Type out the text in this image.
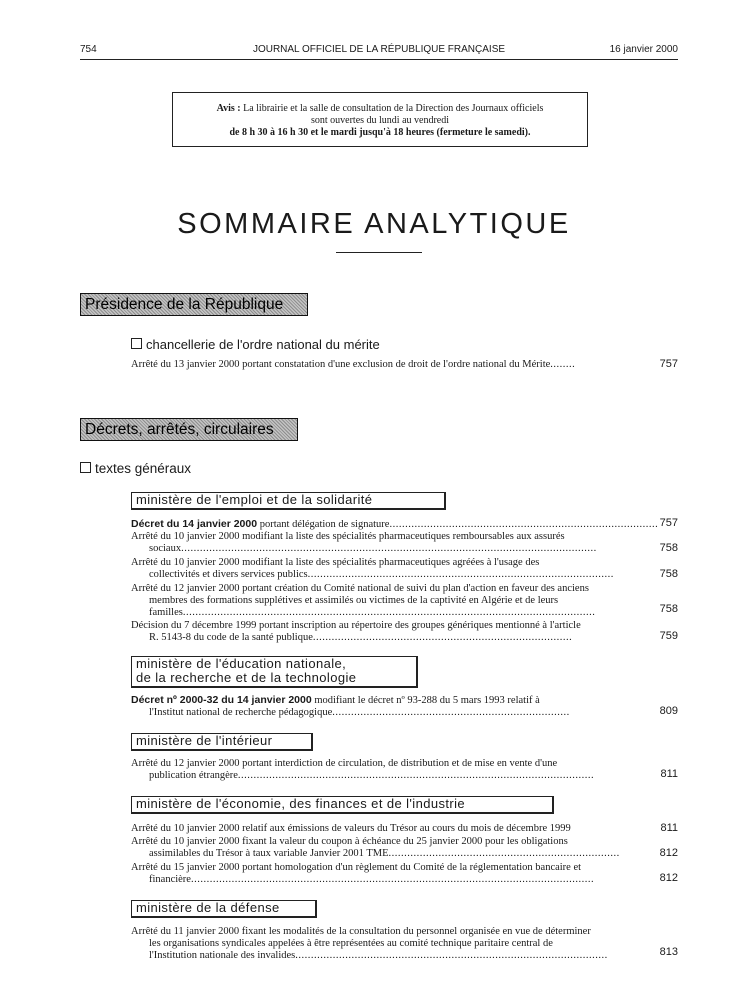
754	JOURNAL OFFICIEL DE LA RÉPUBLIQUE FRANÇAISE	16 janvier 2000
Avis : La librairie et la salle de consultation de la Direction des Journaux officiels
sont ouvertes du lundi au vendredi
de 8 h 30 à 16 h 30 et le mardi jusqu'à 18 heures (fermeture le samedi).
SOMMAIRE ANALYTIQUE
Présidence de la République
chancellerie de l'ordre national du mérite
Arrêté du 13 janvier 2000 portant constatation d'une exclusion de droit de l'ordre national du Mérite........	757
Décrets, arrêtés, circulaires
textes généraux
ministère de l'emploi et de la solidarité
Décret du 14 janvier 2000 portant délégation de signature...................................................................................... 757
Arrêté du 10 janvier 2000 modifiant la liste des spécialités pharmaceutiques remboursables aux assurés
sociaux.....................................................................................................................................	758
Arrêté du 10 janvier 2000 modifiant la liste des spécialités pharmaceutiques agréées à l'usage des
collectivités et divers services publics..................................................................................................	758
Arrêté du 12 janvier 2000 portant création du Comité national de suivi du plan d'action en faveur des anciens
membres des formations supplétives et assimilés ou victimes de la captivité en Algérie et de leurs
familles....................................................................................................................................	758
Décision du 7 décembre 1999 portant inscription au répertoire des groupes génériques mentionné à l'article
R. 5143-8 du code de la santé publique...................................................................................	759
ministère de l'éducation nationale,
de la recherche et de la technologie
Décret nº 2000-32 du 14 janvier 2000 modifiant le décret nº 93-288 du 5 mars 1993 relatif à
l'Institut national de recherche pédagogique............................................................................	809
ministère de l'intérieur
Arrêté du 12 janvier 2000 portant interdiction de circulation, de distribution et de mise en vente d'une
publication étrangère..................................................................................................................	811
ministère de l'économie, des finances et de l'industrie
Arrêté du 10 janvier 2000 relatif aux émissions de valeurs du Trésor au cours du mois de décembre 1999	811
Arrêté du 10 janvier 2000 fixant la valeur du coupon à échéance du 25 janvier 2000 pour les obligations
assimilables du Trésor à taux variable Janvier 2001 TME..........................................................................	812
Arrêté du 15 janvier 2000 portant homologation d'un règlement du Comité de la réglementation bancaire et
financière.................................................................................................................................	812
ministère de la défense
Arrêté du 11 janvier 2000 fixant les modalités de la consultation du personnel organisée en vue de déterminer
les organisations syndicales appelées à être représentées au comité technique paritaire central de
l'Institution nationale des invalides....................................................................................................	813
